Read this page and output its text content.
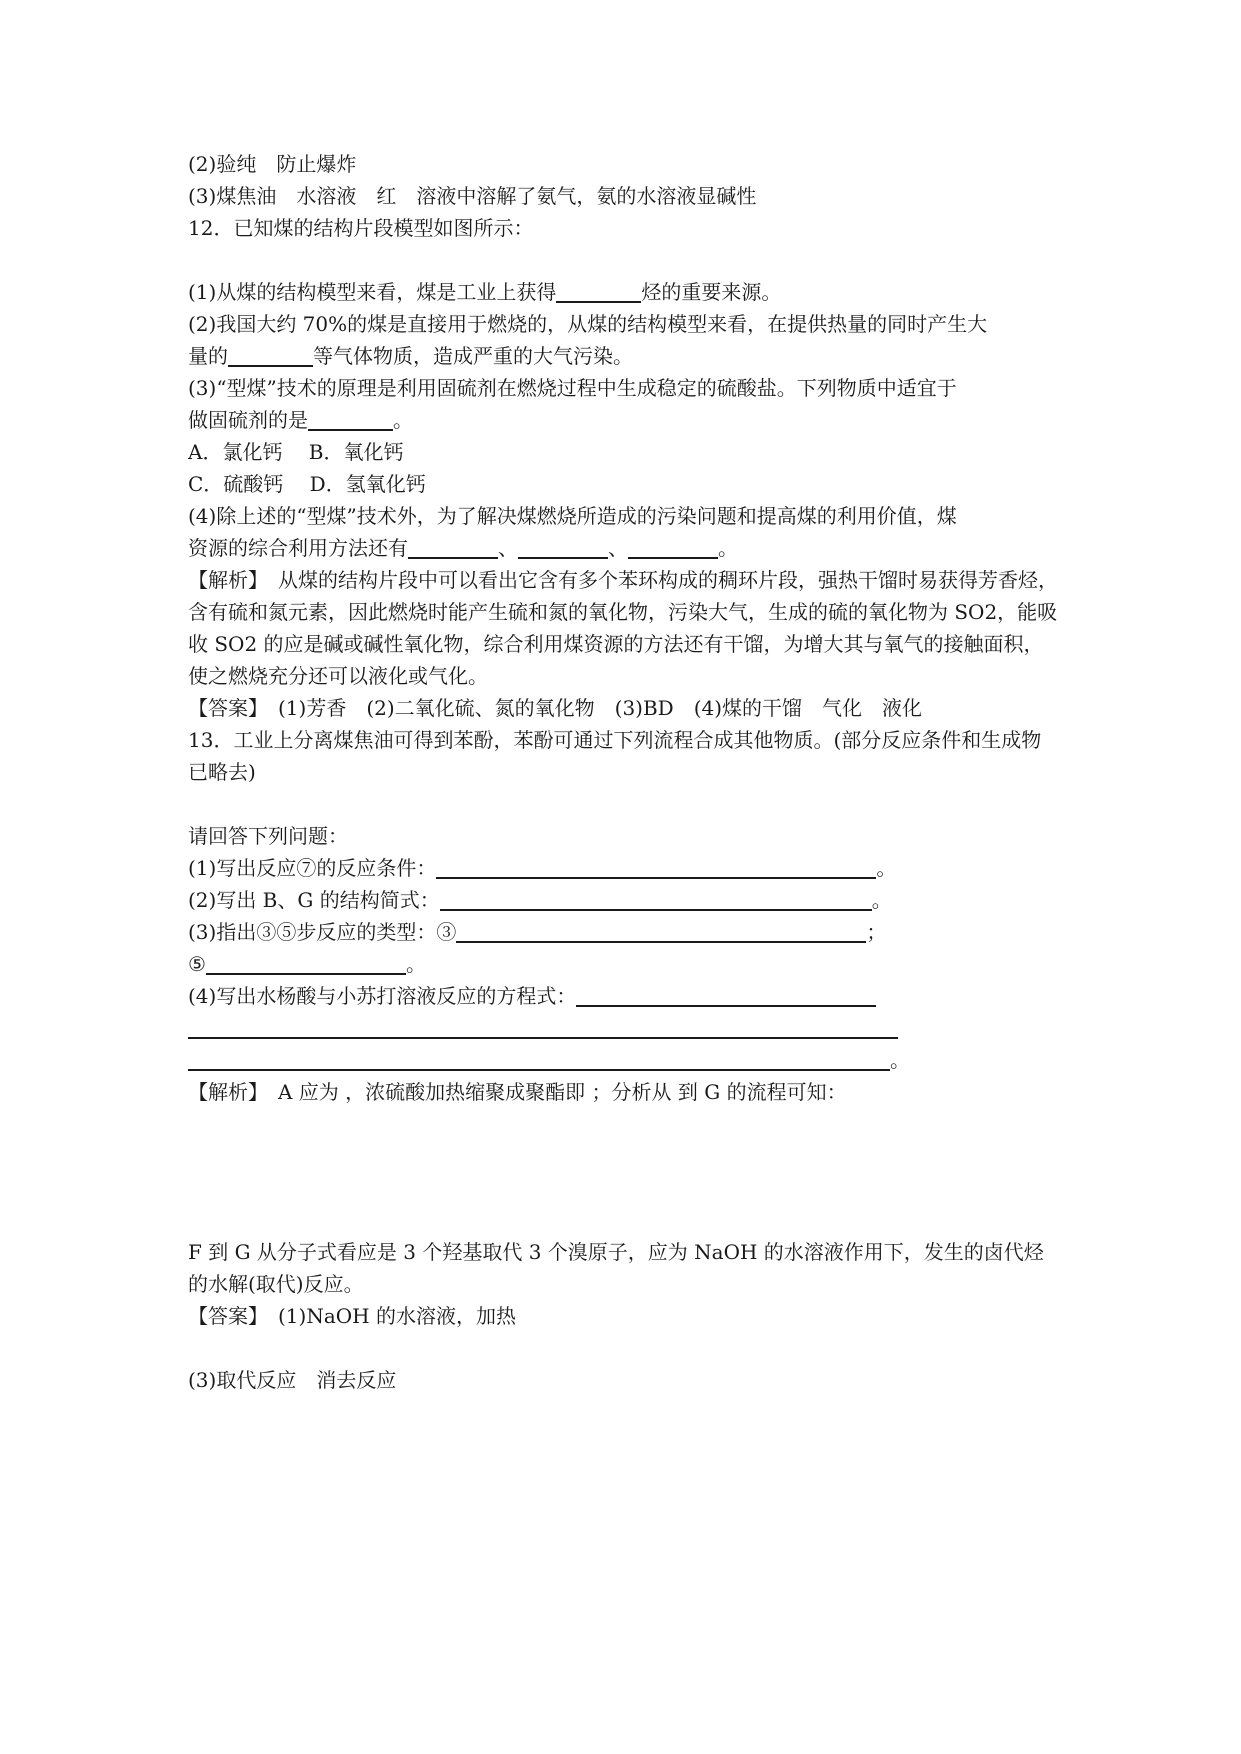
(2)验纯　防止爆炸
(3)煤焦油　水溶液　红　溶液中溶解了氨气，氨的水溶液显碱性
12．已知煤的结构片段模型如图所示：
(1)从煤的结构模型来看，煤是工业上获得	烃的重要来源。
(2)我国大约 70%的煤是直接用于燃烧的，从煤的结构模型来看，在提供热量的同时产生大
量的	等气体物质，造成严重的大气污染。
(3)“型煤”技术的原理是利用固硫剂在燃烧过程中生成稳定的硫酸盐。下列物质中适宜于
做固硫剂的是	。
A．氯化钙　 B．氧化钙
C．硫酸钙　 D．氢氧化钙
(4)除上述的“型煤”技术外，为了解决煤燃烧所造成的污染问题和提高煤的利用价值，煤
资源的综合利用方法还有	、	、	。
【解析】　从煤的结构片段中可以看出它含有多个苯环构成的稠环片段，强热干馏时易获得芳香烃，含有硫和氮元素，因此燃烧时能产生硫和氮的氧化物，污染大气，生成的硫的氧化物为 SO2，能吸收 SO2 的应是碱或碱性氧化物，综合利用煤资源的方法还有干馏，为增大其与氧气的接触面积，使之燃烧充分还可以液化或气化。
【答案】　(1)芳香　(2)二氧化硫、氮的氧化物　(3)BD　(4)煤的干馏　气化　液化
13．工业上分离煤焦油可得到苯酚，苯酚可通过下列流程合成其他物质。(部分反应条件和生成物已略去)
请回答下列问题：
(1)写出反应⑦的反应条件：	。
(2)写出 B、G 的结构简式：	。
(3)指出③⑤步反应的类型：③	；
⑤	。
(4)写出水杨酸与小苏打溶液反应的方程式：
。
【解析】　A 应为 ，浓硫酸加热缩聚成聚酯即 ；分析从 到 G 的流程可知：
F 到 G 从分子式看应是 3 个羟基取代 3 个溴原子，应为 NaOH 的水溶液作用下，发生的卤代烃的水解(取代)反应。
【答案】　(1)NaOH 的水溶液，加热
(3)取代反应　消去反应
